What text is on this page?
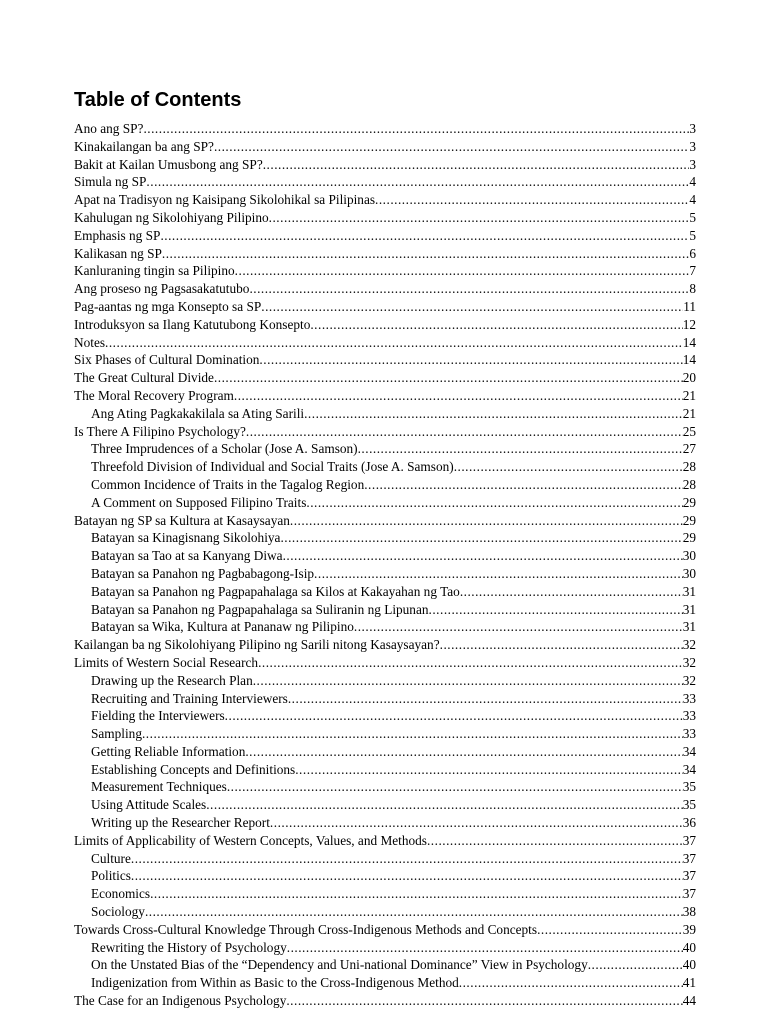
Table of Contents
Ano ang SP? .....	3
Kinakailangan ba ang SP? .....	3
Bakit at Kailan Umusbong ang SP? .....	3
Simula ng SP .....	4
Apat na Tradisyon ng Kaisipang Sikolohikal sa Pilipinas .....	4
Kahulugan ng Sikolohiyang Pilipino .....	5
Emphasis ng SP .....	5
Kalikasan ng SP .....	6
Kanluraning tingin sa Pilipino .....	7
Ang proseso ng Pagsasakatutubo .....	8
Pag-aantas ng mga Konsepto sa SP .....	11
Introduksyon sa Ilang Katutubong Konsepto .....	12
Notes .....	14
Six Phases of Cultural Domination .....	14
The Great Cultural Divide .....	20
The Moral Recovery Program .....	21
Ang Ating Pagkakakilala sa Ating Sarili .....	21
Is There A Filipino Psychology? .....	25
Three Imprudences of a Scholar (Jose A. Samson) .....	27
Threefold Division of Individual and Social Traits (Jose A. Samson) .....	28
Common Incidence of Traits in the Tagalog Region .....	28
A Comment on Supposed Filipino Traits .....	29
Batayan ng SP sa Kultura at Kasaysayan .....	29
Batayan sa Kinagisnang Sikolohiya .....	29
Batayan sa Tao at sa Kanyang Diwa .....	30
Batayan sa Panahon ng Pagbabagong-Isip .....	30
Batayan sa Panahon ng Pagpapahalaga sa Kilos at Kakayahan ng Tao .....	31
Batayan sa Panahon ng Pagpapahalaga sa Suliranin ng Lipunan .....	31
Batayan sa Wika, Kultura at Pananaw ng Pilipino .....	31
Kailangan ba ng Sikolohiyang Pilipino ng Sarili nitong Kasaysayan? .....	32
Limits of Western Social Research .....	32
Drawing up the Research Plan .....	32
Recruiting and Training Interviewers .....	33
Fielding the Interviewers .....	33
Sampling .....	33
Getting Reliable Information .....	34
Establishing Concepts and Definitions .....	34
Measurement Techniques .....	35
Using Attitude Scales .....	35
Writing up the Researcher Report .....	36
Limits of Applicability of Western Concepts, Values, and Methods .....	37
Culture .....	37
Politics .....	37
Economics .....	37
Sociology .....	38
Towards Cross-Cultural Knowledge Through Cross-Indigenous Methods and Concepts .....	39
Rewriting the History of Psychology .....	40
On the Unstated Bias of the “Dependency and Uni-national Dominance” View in Psychology .....	40
Indigenization from Within as Basic to the Cross-Indigenous Method .....	41
The Case for an Indigenous Psychology .....	44
